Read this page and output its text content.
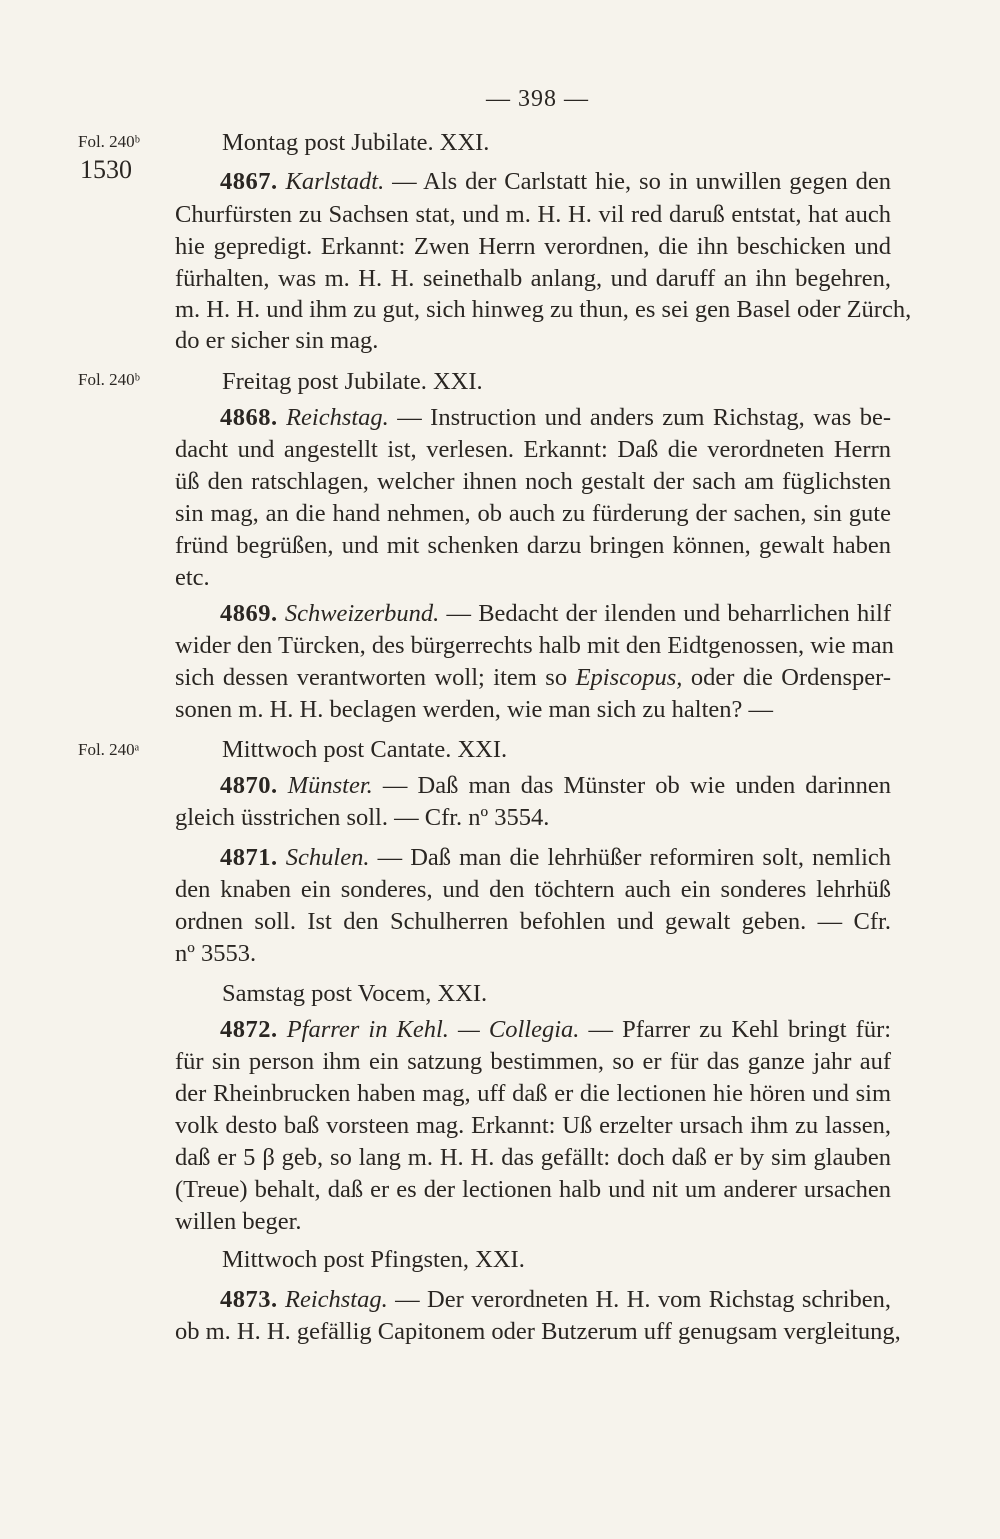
— 398 —
Fol. 240ᵇ
1530
Fol. 240ᵇ
Fol. 240ᵃ
Montag post Jubilate. XXI.
4867. Karlstadt. — Als der Carlstatt hie, so in unwillen gegen den
Churfürsten zu Sachsen stat, und m. H. H. vil red daruß entstat, hat auch
hie gepredigt. Erkannt: Zwen Herrn verordnen, die ihn beschicken und
fürhalten, was m. H. H. seinethalb anlang, und daruff an ihn begehren,
m. H. H. und ihm zu gut, sich hinweg zu thun, es sei gen Basel oder Zürch,
do er sicher sin mag.
Freitag post Jubilate. XXI.
4868. Reichstag. — Instruction und anders zum Richstag, was be-
dacht und angestellt ist, verlesen. Erkannt: Daß die verordneten Herrn
üß den ratschlagen, welcher ihnen noch gestalt der sach am füglichsten
sin mag, an die hand nehmen, ob auch zu fürderung der sachen, sin gute
fründ begrüßen, und mit schenken darzu bringen können, gewalt haben
etc.
4869. Schweizerbund. — Bedacht der ilenden und beharrlichen hilf
wider den Türcken, des bürgerrechts halb mit den Eidtgenossen, wie man
sich dessen verantworten woll; item so Episcopus, oder die Ordensper-
sonen m. H. H. beclagen werden, wie man sich zu halten? —
Mittwoch post Cantate. XXI.
4870. Münster. — Daß man das Münster ob wie unden darinnen
gleich üsstrichen soll. — Cfr. nº 3554.
4871. Schulen. — Daß man die lehrhüßer reformiren solt, nemlich
den knaben ein sonderes, und den töchtern auch ein sonderes lehrhüß
ordnen soll. Ist den Schulherren befohlen und gewalt geben. — Cfr.
nº 3553.
Samstag post Vocem, XXI.
4872. Pfarrer in Kehl. — Collegia. — Pfarrer zu Kehl bringt für:
für sin person ihm ein satzung bestimmen, so er für das ganze jahr auf
der Rheinbrucken haben mag, uff daß er die lectionen hie hören und sim
volk desto baß vorsteen mag. Erkannt: Uß erzelter ursach ihm zu lassen,
daß er 5 β geb, so lang m. H. H. das gefällt: doch daß er by sim glauben
(Treue) behalt, daß er es der lectionen halb und nit um anderer ursachen
willen beger.
Mittwoch post Pfingsten, XXI.
4873. Reichstag. — Der verordneten H. H. vom Richstag schriben,
ob m. H. H. gefällig Capitonem oder Butzerum uff genugsam vergleitung,
